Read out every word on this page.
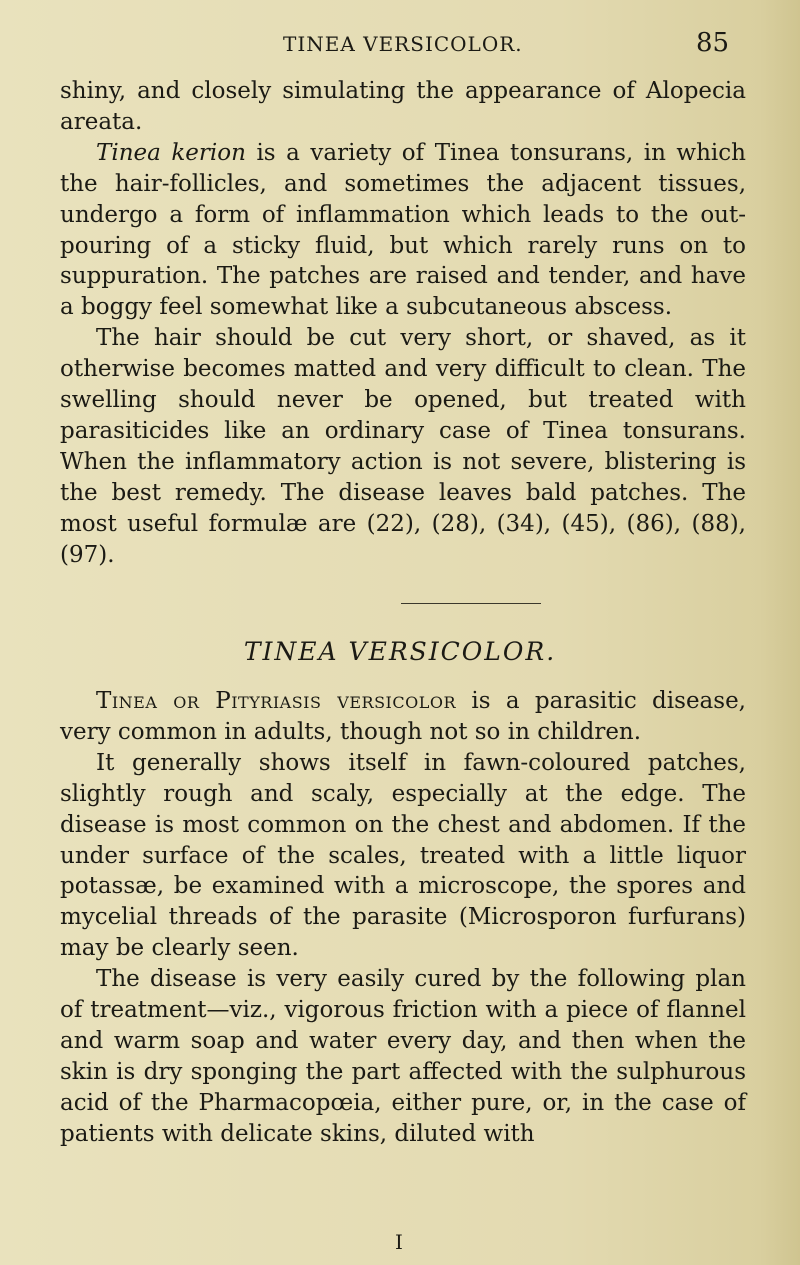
TINEA VERSICOLOR.	85

shiny, and closely simulating the appearance of Alopecia areata.

Tinea kerion is a variety of Tinea tonsurans, in which the hair-follicles, and sometimes the adjacent tissues, undergo a form of inflammation which leads to the out-pouring of a sticky fluid, but which rarely runs on to suppuration. The patches are raised and tender, and have a boggy feel somewhat like a subcutaneous abscess.

The hair should be cut very short, or shaved, as it otherwise becomes matted and very difficult to clean. The swelling should never be opened, but treated with parasiticides like an ordinary case of Tinea tonsurans. When the inflammatory action is not severe, blistering is the best remedy. The disease leaves bald patches. The most useful formulæ are (22), (28), (34), (45), (86), (88), (97).

TINEA VERSICOLOR.

Tinea or Pityriasis versicolor is a parasitic disease, very common in adults, though not so in children.

It generally shows itself in fawn-coloured patches, slightly rough and scaly, especially at the edge. The disease is most common on the chest and abdomen. If the under surface of the scales, treated with a little liquor potassæ, be examined with a microscope, the spores and mycelial threads of the parasite (Microsporon furfurans) may be clearly seen.

The disease is very easily cured by the following plan of treatment—viz., vigorous friction with a piece of flannel and warm soap and water every day, and then when the skin is dry sponging the part affected with the sulphurous acid of the Pharmacopœia, either pure, or, in the case of patients with delicate skins, diluted with

I
